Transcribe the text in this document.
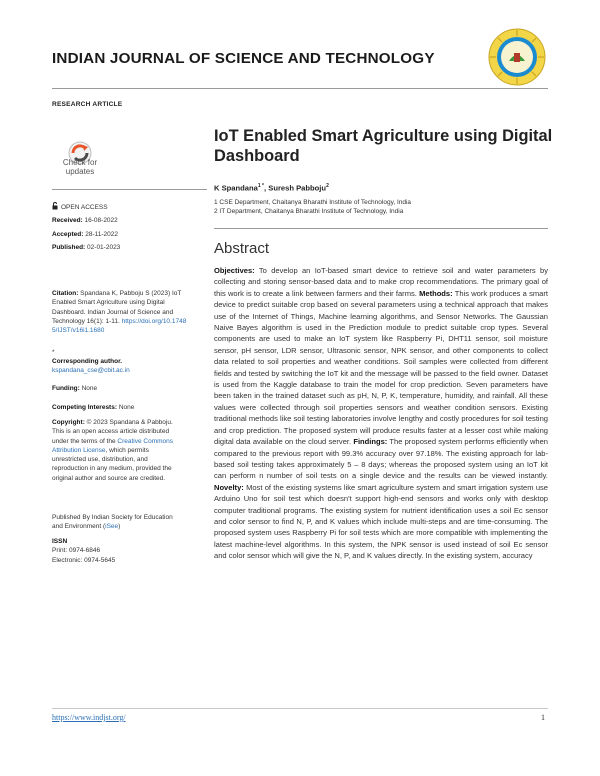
INDIAN JOURNAL OF SCIENCE AND TECHNOLOGY
RESEARCH ARTICLE
Check for
updates
OPEN ACCESS
Received: 16-08-2022
Accepted: 28-11-2022
Published: 02-01-2023
Citation: Spandana K, Pabboju S (2023) IoT Enabled Smart Agriculture using Digital Dashboard. Indian Journal of Science and Technology 16(1): 1-11. https://doi.org/10.17485/IJST/v16i1.1680
*
Corresponding author.
kspandana_cse@cbit.ac.in
Funding: None
Competing Interests: None
Copyright: © 2023 Spandana & Pabboju. This is an open access article distributed under the terms of the Creative Commons Attribution License, which permits unrestricted use, distribution, and reproduction in any medium, provided the original author and source are credited.
Published By Indian Society for Education and Environment (iSee)
ISSN
Print: 0974-6846
Electronic: 0974-5645
IoT Enabled Smart Agriculture using Digital Dashboard
K Spandana$^{1 *}$, Suresh Pabboju$^2$
1 CSE Department, Chaitanya Bharathi Institute of Technology, India
2 IT Department, Chaitanya Bharathi Institute of Technology, India
Abstract
Objectives: To develop an IoT-based smart device to retrieve soil and water parameters by collecting and storing sensor-based data and to make crop recommendations. The primary goal of this work is to create a link between farmers and their farms. Methods: This work produces a smart device to predict suitable crop based on several parameters using a technical approach that makes use of the Internet of Things, Machine learning algorithms, and Sensor Networks. The Gaussian Naive Bayes algorithm is used in the Prediction module to predict suitable crop types. Several components are used to make an IoT system like Raspberry Pi, DHT11 sensor, soil moisture sensor, pH sensor, LDR sensor, Ultrasonic sensor, NPK sensor, and other components to collect data related to soil properties and weather conditions. Soil samples were collected from different fields and tested by switching the IoT kit and the message will be passed to the field owner. Dataset is used from the Kaggle database to train the model for crop prediction. Seven parameters have been taken in the trained dataset such as pH, N, P, K, temperature, humidity, and rainfall. All these values were collected through soil properties sensors and weather condition sensors. Existing traditional methods like soil testing laboratories involve lengthy and costly procedures for soil testing and crop prediction. The proposed system will produce results faster at a lesser cost while making digital data available on the cloud server. Findings: The proposed system performs efficiently when compared to the previous report with 99.3% accuracy over 97.18%. The existing approach for lab-based soil testing takes approximately 5 – 8 days; whereas the proposed system using an IoT kit can perform n number of soil tests on a single device and the results can be viewed instantly. Novelty: Most of the existing systems like smart agriculture system and smart irrigation system use Arduino Uno for soil test which doesn't support high-end sensors and works only with desktop computer traditional programs. The existing system for nutrient identification uses a soil Ec sensor and color sensor to find N, P, and K values which include multi-steps and are time-consuming. The proposed system uses Raspberry Pi for soil tests which are more compatible with implementing the latest machine-level algorithms. In this system, the NPK sensor is used instead of soil Ec sensor and color sensor which will give the N, P, and K values directly. In the existing system, accuracy
https://www.indjst.org/	1
